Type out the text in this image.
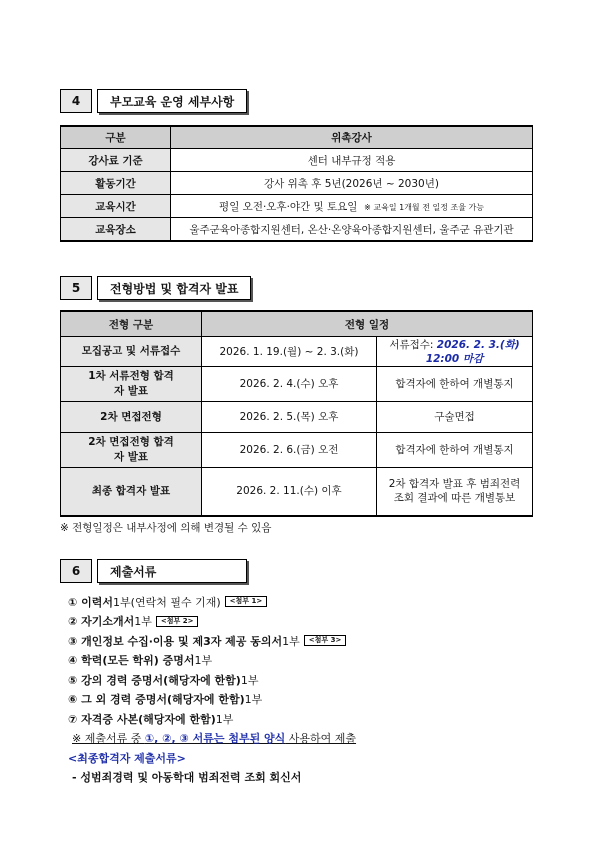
4	부모교육 운영 세부사항
구분	위촉강사
강사료 기준	센터 내부규정 적용
활동기간	강사 위촉 후 5년(2026년 ~ 2030년)
교육시간	평일 오전·오후·야간 및 토요일 ※ 교육일 1개월 전 일정 조율 가능
교육장소	울주군육아종합지원센터, 온산·온양육아종합지원센터, 울주군 유관기관
5	전형방법 및 합격자 발표
전형 구분	전형 일정	
모집공고 및 서류접수	2026. 1. 19.(월) ~ 2. 3.(화)	서류접수: 2026. 2. 3.(화) 12:00 마감
1차 서류전형 합격자 발표	2026. 2. 4.(수) 오후	합격자에 한하여 개별통지
2차 면접전형	2026. 2. 5.(목) 오후	구술면접
2차 면접전형 합격자 발표	2026. 2. 6.(금) 오전	합격자에 한하여 개별통지
최종 합격자 발표	2026. 2. 11.(수) 이후	2차 합격자 발표 후 범죄전력조회 결과에 따른 개별통보
※ 전형일정은 내부사정에 의해 변경될 수 있음
6	제출서류
① 이력서 1부(연락처 필수 기재)	<첨부 1>
② 자기소개서 1부	<첨부 2>
③ 개인정보 수집·이용 및 제3자 제공 동의서 1부	<첨부 3>
④ 학력(모든 학위) 증명서 1부
⑤ 강의 경력 증명서(해당자에 한함) 1부
⑥ 그 외 경력 증명서(해당자에 한함) 1부
⑦ 자격증 사본(해당자에 한함) 1부
※ 제출서류 중 ①, ②, ③ 서류는 첨부된 양식 사용하여 제출
<최종합격자 제출서류>
- 성범죄경력 및 아동학대 범죄전력 조회 회신서
